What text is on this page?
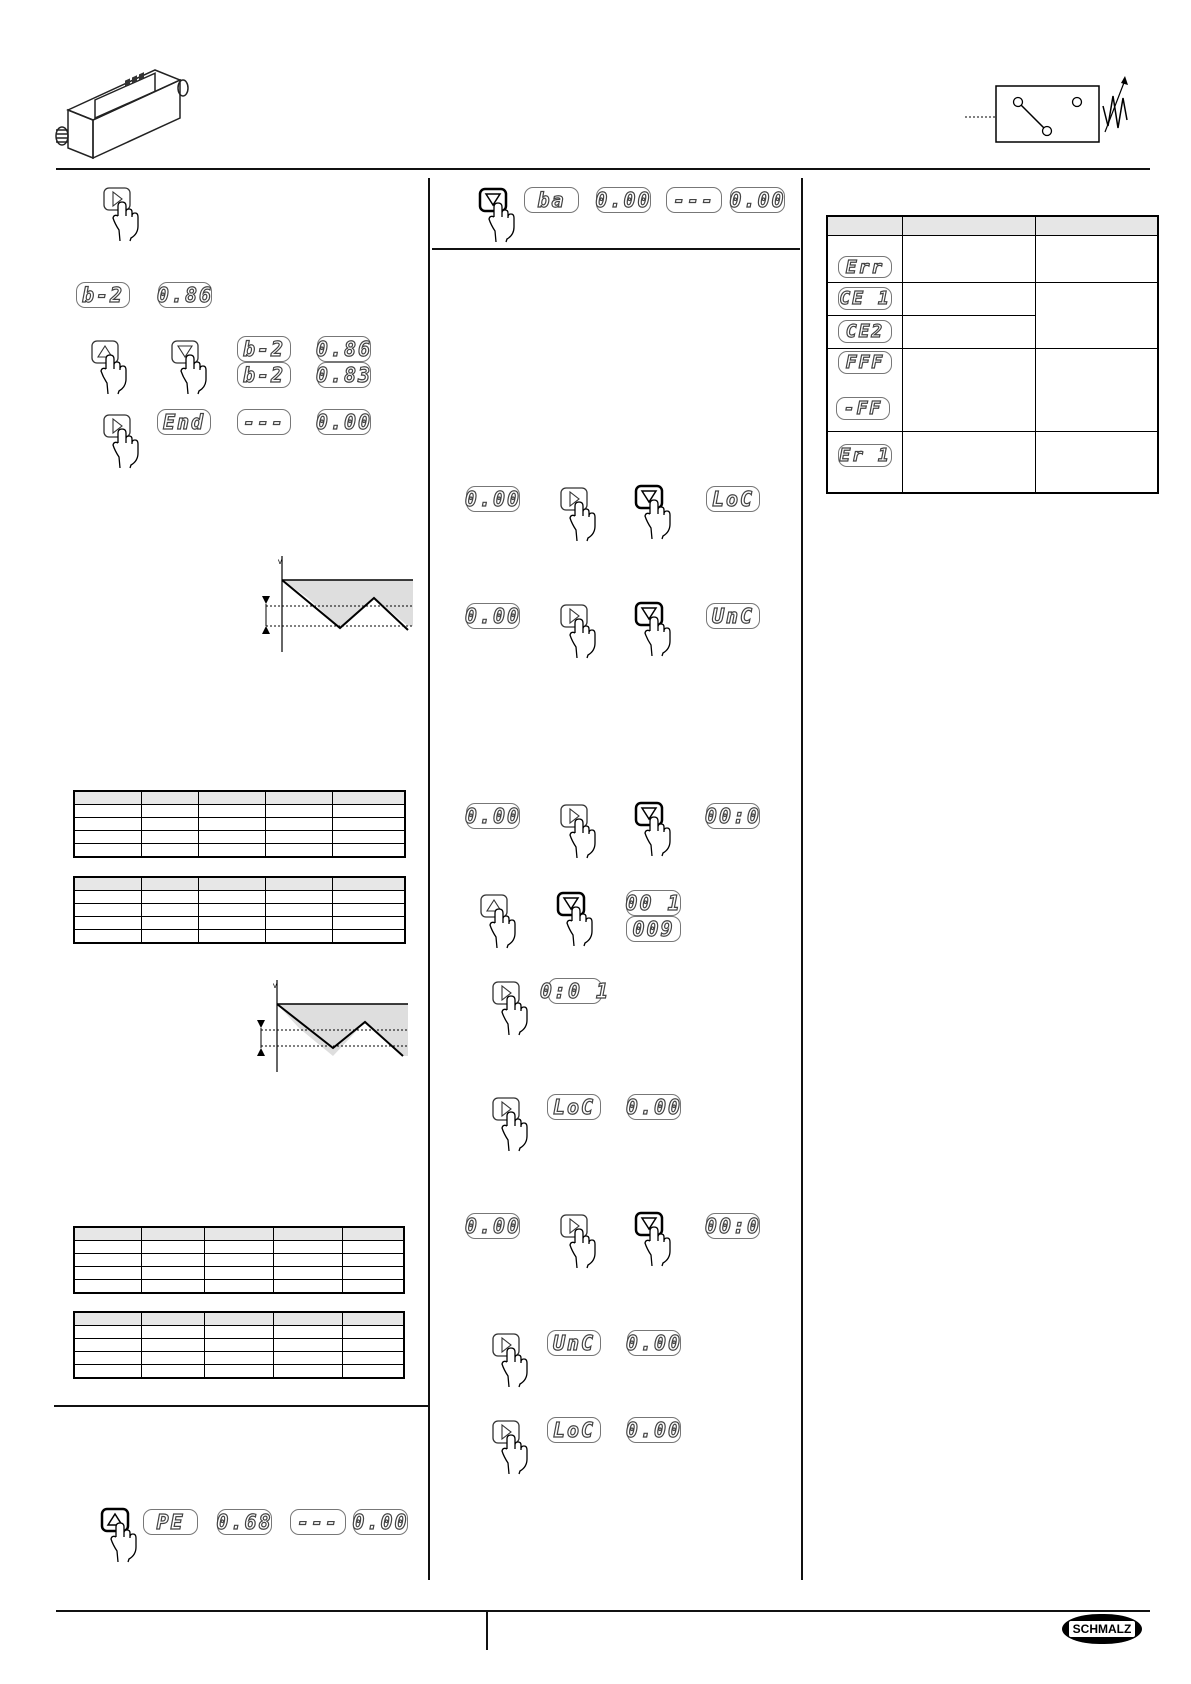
b-2 0.86
b-2 0.86
b-2 0.83
End --- 0.00
v

v

PE	0.68	--- 0.00
ba	0.00	--- 0.00
0.00	LoC
0.00	UnC
0.00	00:0
00 1
009
0:0 1
LoC 0.00
0.00	00:0
UnC 0.00
LoC 0.00

Err		

CE 1		

CE2		

FFF
-FF		

Er 1		

SCHMALZ
